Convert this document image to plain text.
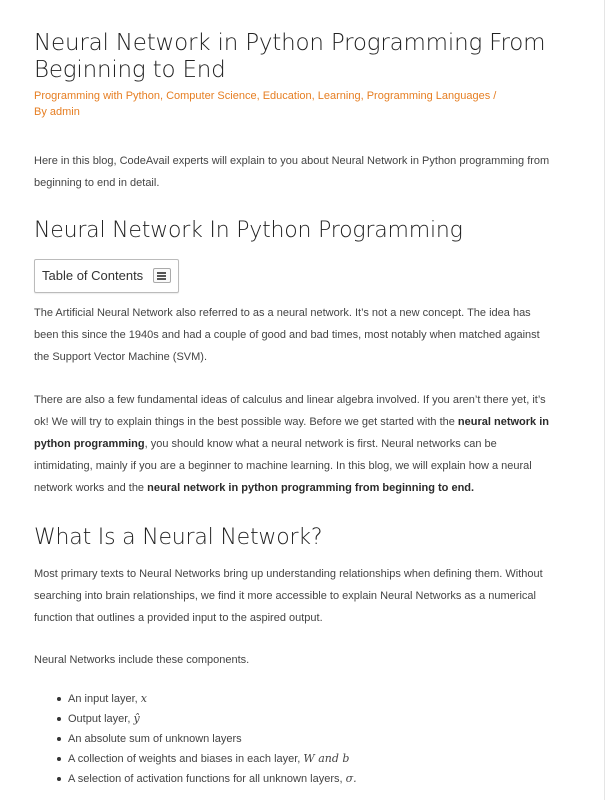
Neural Network in Python Programming From Beginning to End
Programming with Python, Computer Science, Education, Learning, Programming Languages /
By admin

Here in this blog, CodeAvail experts will explain to you about Neural Network in Python programming from beginning to end in detail.

Neural Network In Python Programming
Table of Contents

The Artificial Neural Network also referred to as a neural network. It’s not a new concept. The idea has been this since the 1940s and had a couple of good and bad times, most notably when matched against the Support Vector Machine (SVM).

There are also a few fundamental ideas of calculus and linear algebra involved. If you aren’t there yet, it’s ok! We will try to explain things in the best possible way. Before we get started with the neural network in python programming, you should know what a neural network is first. Neural networks can be intimidating, mainly if you are a beginner to machine learning. In this blog, we will explain how a neural network works and the neural network in python programming from beginning to end.

What Is a Neural Network?

Most primary texts to Neural Networks bring up understanding relationships when defining them. Without searching into brain relationships, we find it more accessible to explain Neural Networks as a numerical function that outlines a provided input to the aspired output.

Neural Networks include these components.

An input layer, x
Output layer, ŷ
An absolute sum of unknown layers
A collection of weights and biases in each layer, W and b
A selection of activation functions for all unknown layers, σ.
